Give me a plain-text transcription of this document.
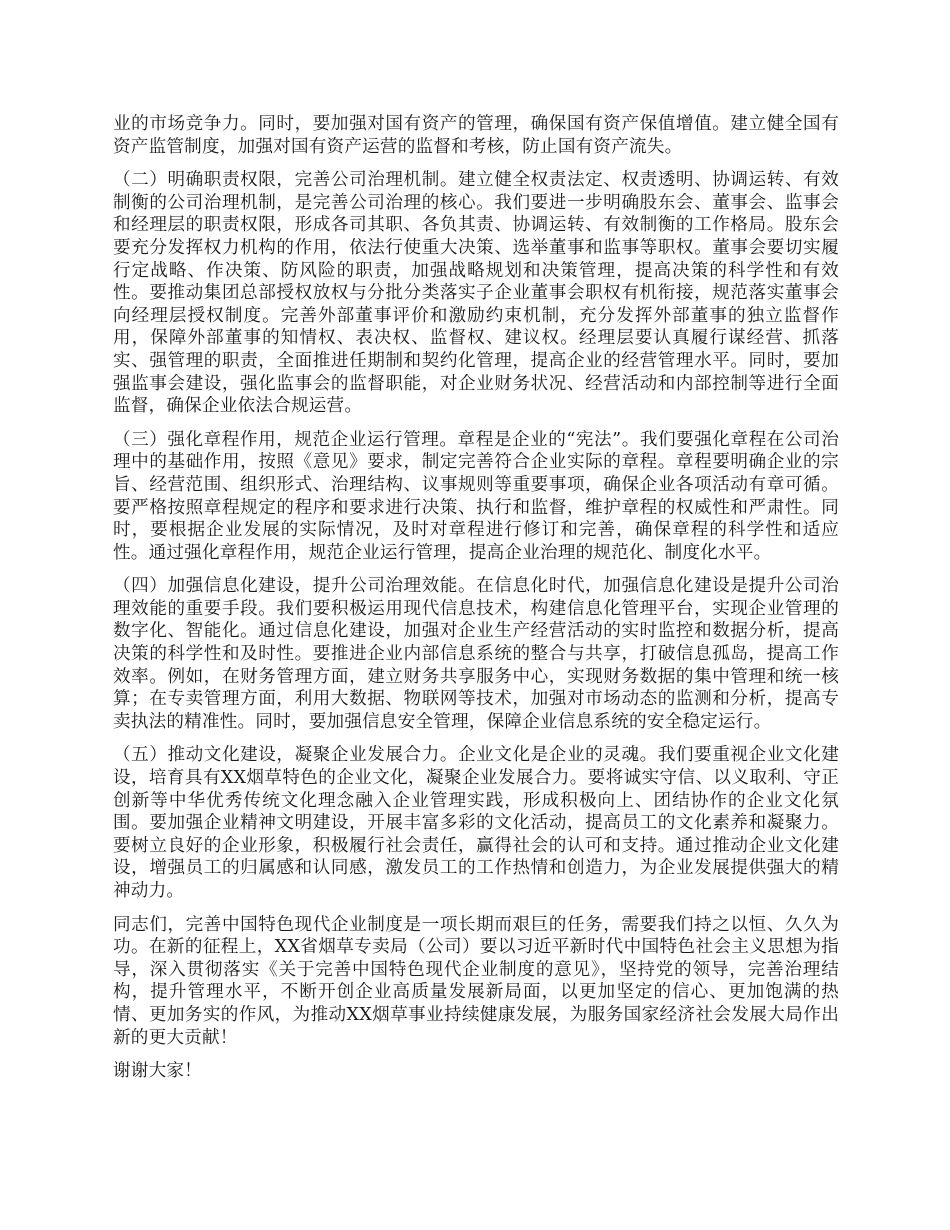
业的市场竞争力。同时，要加强对国有资产的管理，确保国有资产保值增值。建立健全国有资产监管制度，加强对国有资产运营的监督和考核，防止国有资产流失。

（二）明确职责权限，完善公司治理机制。建立健全权责法定、权责透明、协调运转、有效制衡的公司治理机制，是完善公司治理的核心。我们要进一步明确股东会、董事会、监事会和经理层的职责权限，形成各司其职、各负其责、协调运转、有效制衡的工作格局。股东会要充分发挥权力机构的作用，依法行使重大决策、选举董事和监事等职权。董事会要切实履行定战略、作决策、防风险的职责，加强战略规划和决策管理，提高决策的科学性和有效性。要推动集团总部授权放权与分批分类落实子企业董事会职权有机衔接，规范落实董事会向经理层授权制度。完善外部董事评价和激励约束机制，充分发挥外部董事的独立监督作用，保障外部董事的知情权、表决权、监督权、建议权。经理层要认真履行谋经营、抓落实、强管理的职责，全面推进任期制和契约化管理，提高企业的经营管理水平。同时，要加强监事会建设，强化监事会的监督职能，对企业财务状况、经营活动和内部控制等进行全面监督，确保企业依法合规运营。

（三）强化章程作用，规范企业运行管理。章程是企业的“宪法”。我们要强化章程在公司治理中的基础作用，按照《意见》要求，制定完善符合企业实际的章程。章程要明确企业的宗旨、经营范围、组织形式、治理结构、议事规则等重要事项，确保企业各项活动有章可循。要严格按照章程规定的程序和要求进行决策、执行和监督，维护章程的权威性和严肃性。同时，要根据企业发展的实际情况，及时对章程进行修订和完善，确保章程的科学性和适应性。通过强化章程作用，规范企业运行管理，提高企业治理的规范化、制度化水平。

（四）加强信息化建设，提升公司治理效能。在信息化时代，加强信息化建设是提升公司治理效能的重要手段。我们要积极运用现代信息技术，构建信息化管理平台，实现企业管理的数字化、智能化。通过信息化建设，加强对企业生产经营活动的实时监控和数据分析，提高决策的科学性和及时性。要推进企业内部信息系统的整合与共享，打破信息孤岛，提高工作效率。例如，在财务管理方面，建立财务共享服务中心，实现财务数据的集中管理和统一核算；在专卖管理方面，利用大数据、物联网等技术，加强对市场动态的监测和分析，提高专卖执法的精准性。同时，要加强信息安全管理，保障企业信息系统的安全稳定运行。

（五）推动文化建设，凝聚企业发展合力。企业文化是企业的灵魂。我们要重视企业文化建设，培育具有XX烟草特色的企业文化，凝聚企业发展合力。要将诚实守信、以义取利、守正创新等中华优秀传统文化理念融入企业管理实践，形成积极向上、团结协作的企业文化氛围。要加强企业精神文明建设，开展丰富多彩的文化活动，提高员工的文化素养和凝聚力。要树立良好的企业形象，积极履行社会责任，赢得社会的认可和支持。通过推动企业文化建设，增强员工的归属感和认同感，激发员工的工作热情和创造力，为企业发展提供强大的精神动力。

同志们，完善中国特色现代企业制度是一项长期而艰巨的任务，需要我们持之以恒、久久为功。在新的征程上，XX省烟草专卖局（公司）要以习近平新时代中国特色社会主义思想为指导，深入贯彻落实《关于完善中国特色现代企业制度的意见》，坚持党的领导，完善治理结构，提升管理水平，不断开创企业高质量发展新局面，以更加坚定的信心、更加饱满的热情、更加务实的作风，为推动XX烟草事业持续健康发展，为服务国家经济社会发展大局作出新的更大贡献！

谢谢大家！
